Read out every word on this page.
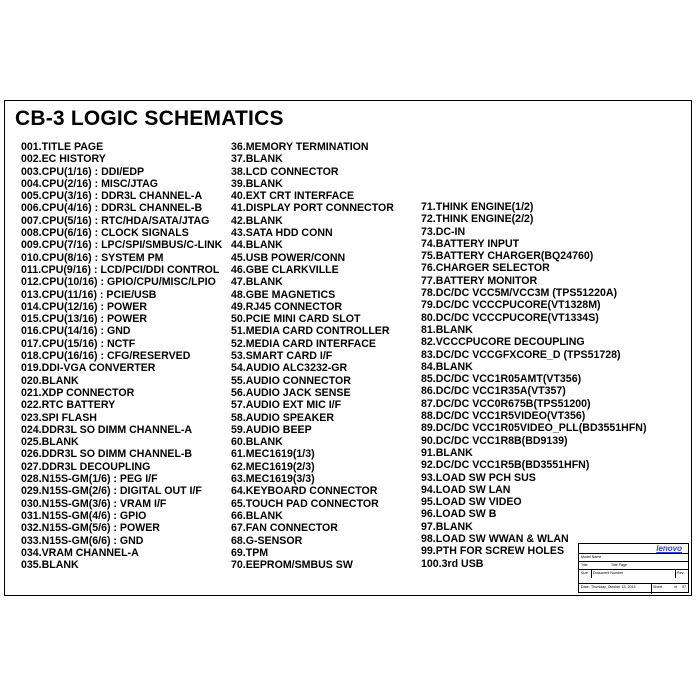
CB-3 LOGIC SCHEMATICS
001.TITLE PAGE
002.EC HISTORY
003.CPU(1/16) : DDI/EDP
004.CPU(2/16) : MISC/JTAG
005.CPU(3/16) : DDR3L CHANNEL-A
006.CPU(4/16) : DDR3L CHANNEL-B
007.CPU(5/16) : RTC/HDA/SATA/JTAG
008.CPU(6/16) : CLOCK SIGNALS
009.CPU(7/16) : LPC/SPI/SMBUS/C-LINK
010.CPU(8/16) : SYSTEM PM
011.CPU(9/16) : LCD/PCI/DDI CONTROL
012.CPU(10/16) : GPIO/CPU/MISC/LPIO
013.CPU(11/16) : PCIE/USB
014.CPU(12/16) : POWER
015.CPU(13/16) : POWER
016.CPU(14/16) : GND
017.CPU(15/16) : NCTF
018.CPU(16/16) : CFG/RESERVED
019.DDI-VGA CONVERTER
020.BLANK
021.XDP CONNECTOR
022.RTC BATTERY
023.SPI FLASH
024.DDR3L SO DIMM CHANNEL-A
025.BLANK
026.DDR3L SO DIMM CHANNEL-B
027.DDR3L DECOUPLING
028.N15S-GM(1/6) : PEG I/F
029.N15S-GM(2/6) : DIGITAL OUT I/F
030.N15S-GM(3/6) : VRAM I/F
031.N15S-GM(4/6) : GPIO
032.N15S-GM(5/6) : POWER
033.N15S-GM(6/6) : GND
034.VRAM CHANNEL-A
035.BLANK
36.MEMORY TERMINATION
37.BLANK
38.LCD CONNECTOR
39.BLANK
40.EXT CRT INTERFACE
41.DISPLAY PORT CONNECTOR
42.BLANK
43.SATA HDD CONN
44.BLANK
45.USB POWER/CONN
46.GBE CLARKVILLE
47.BLANK
48.GBE MAGNETICS
49.RJ45 CONNECTOR
50.PCIE MINI CARD SLOT
51.MEDIA CARD CONTROLLER
52.MEDIA CARD INTERFACE
53.SMART CARD I/F
54.AUDIO ALC3232-GR
55.AUDIO CONNECTOR
56.AUDIO JACK SENSE
57.AUDIO EXT MIC I/F
58.AUDIO SPEAKER
59.AUDIO BEEP
60.BLANK
61.MEC1619(1/3)
62.MEC1619(2/3)
63.MEC1619(3/3)
64.KEYBOARD CONNECTOR
65.TOUCH PAD CONNECTOR
66.BLANK
67.FAN CONNECTOR
68.G-SENSOR
69.TPM
70.EEPROM/SMBUS SW
71.THINK ENGINE(1/2)
72.THINK ENGINE(2/2)
73.DC-IN
74.BATTERY INPUT
75.BATTERY CHARGER(BQ24760)
76.CHARGER SELECTOR
77.BATTERY MONITOR
78.DC/DC VCC5M/VCC3M (TPS51220A)
79.DC/DC VCCCPUCORE(VT1328M)
80.DC/DC VCCCPUCORE(VT1334S)
81.BLANK
82.VCCCPUCORE DECOUPLING
83.DC/DC VCCGFXCORE_D (TPS51728)
84.BLANK
85.DC/DC VCC1R05AMT(VT356)
86.DC/DC VCC1R35A(VT357)
87.DC/DC VCC0R675B(TPS51200)
88.DC/DC VCC1R5VIDEO(VT356)
89.DC/DC VCC1R05VIDEO_PLL(BD3551HFN)
90.DC/DC VCC1R8B(BD9139)
91.BLANK
92.DC/DC VCC1R5B(BD3551HFN)
93.LOAD SW PCH SUS
94.LOAD SW LAN
95.LOAD SW VIDEO
96.LOAD SW B
97.BLANK
98.LOAD SW WWAN & WLAN
99.PTH FOR SCREW HOLES
100.3rd USB
lenovo
Model Name
Title	Title Page
Size Document Number	Rev
Date: Thursday, October 15, 2015	Sheet	of 97
